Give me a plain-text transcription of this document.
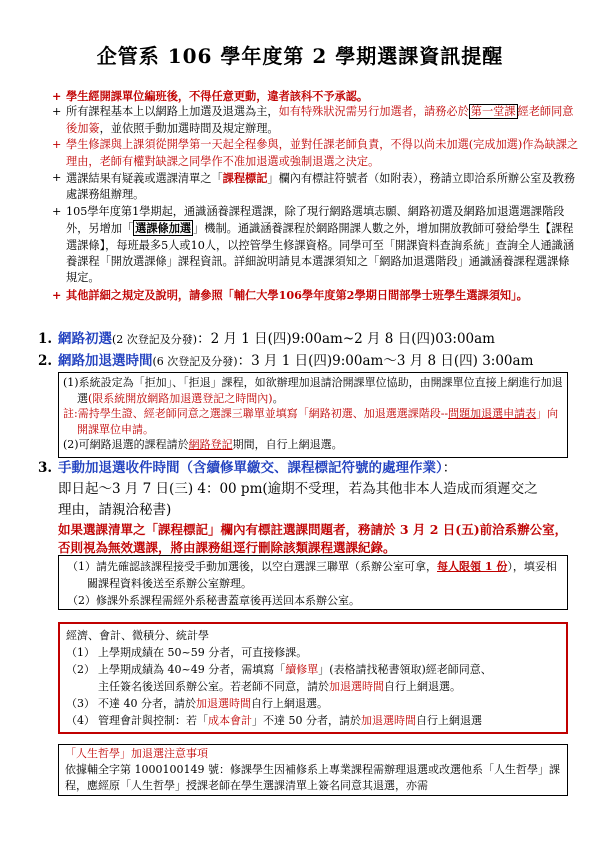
企管系 106 學年度第 2 學期選課資訊提醒

+ 學生經開課單位編班後，不得任意更動，違者該科不予承認。

+ 所有課程基本上以網路上加選及退選為主，如有特殊狀況需另行加選者，請務必於 第一堂課 經老師同意後加簽，並依照手動加選時間及規定辦理。

+ 學生修課與上課須從開學第一天起全程參與，並對任課老師負責，不得以尚未加選(完成加選)作為缺課之理由，老師有權對缺課之同學作不准加退選或強制退選之決定。

+ 選課結果有疑義或選課清單之「課程標記」欄內有標註符號者（如附表），務請立即洽系所辦公室及教務處課務組辦理。

+ 105學年度第1學期起，通識涵養課程選課，除了現行網路選填志願、網路初選及網路加退選選課階段外，另增加「 選課條加選 」機制。通識涵養課程於網路開課人數之外，增加開放教師可發給學生【課程選課條】，每班最多5人或10人，以控管學生修課資格。同學可至「開課資料查詢系統」查詢全人通識涵養課程「開放選課條」課程資訊。詳細說明請見本選課須知之「網路加退選階段」通識涵養課程選課條規定。

+ 其他詳細之規定及說明，請參照「輔仁大學106學年度第2學期日間部學士班學生選課須知」。

1. 網路初選(2 次登記及分發)：2 月 1 日(四)9:00am~2 月 8 日(四)03:00am
2. 網路加退選時間(6 次登記及分發)：3 月 1 日(四)9:00am～3 月 8 日(四) 3:00am

(1)系統設定為「拒加」、「拒退」課程，如欲辦理加退請洽開課單位協助，由開課單位直接上網進行加退選(限系統開放網路加退選登記之時間內)。

註:需持學生證、經老師同意之選課三聯單並填寫「網路初選、加退選選課階段--問題加退選申請表」向開課單位申請。

(2)可網路退選的課程請於網路登記期間，自行上網退選。

3. 手動加退選收件時間（含續修單繳交、課程標記符號的處理作業）：
即日起～3 月 7 日(三) 4：00 pm(逾期不受理，若為其他非本人造成而須遲交之
理由，請親洽秘書)
如果選課清單之「課程標記」欄內有標註選課問題者，務請於 3 月 2 日(五)前洽系辦公室，否則視為無效選課，將由課務組逕行刪除該類課程選課紀錄。

（1）請先確認該課程接受手動加選後，以空白選課三聯單（系辦公室可拿，每人限領 1 份），填妥相關課程資料後送至系辦公室辦理。

（2）修課外系課程需經外系秘書蓋章後再送回本系辦公室。

經濟、會計、微積分、統計學

（1） 上學期成績在 50~59 分者，可直接修課。
（2） 上學期成績為 40~49 分者，需填寫「續修單」(表格請找秘書領取)經老師同意、
主任簽名後送回系辦公室。若老師不同意，請於加退選時間自行上網退選。
（3） 不達 40 分者，請於加退選時間自行上網退選。
（4） 管理會計與控制：若「成本會計」不達 50 分者，請於加退選時間自行上網退選
「人生哲學」加退選注意事項
依據輔全字第 1000100149 號：修課學生因補修系上專業課程需辦理退選或改選他系「人生哲學」課程，應經原「人生哲學」授課老師在學生選課清單上簽名同意其退選，亦需
